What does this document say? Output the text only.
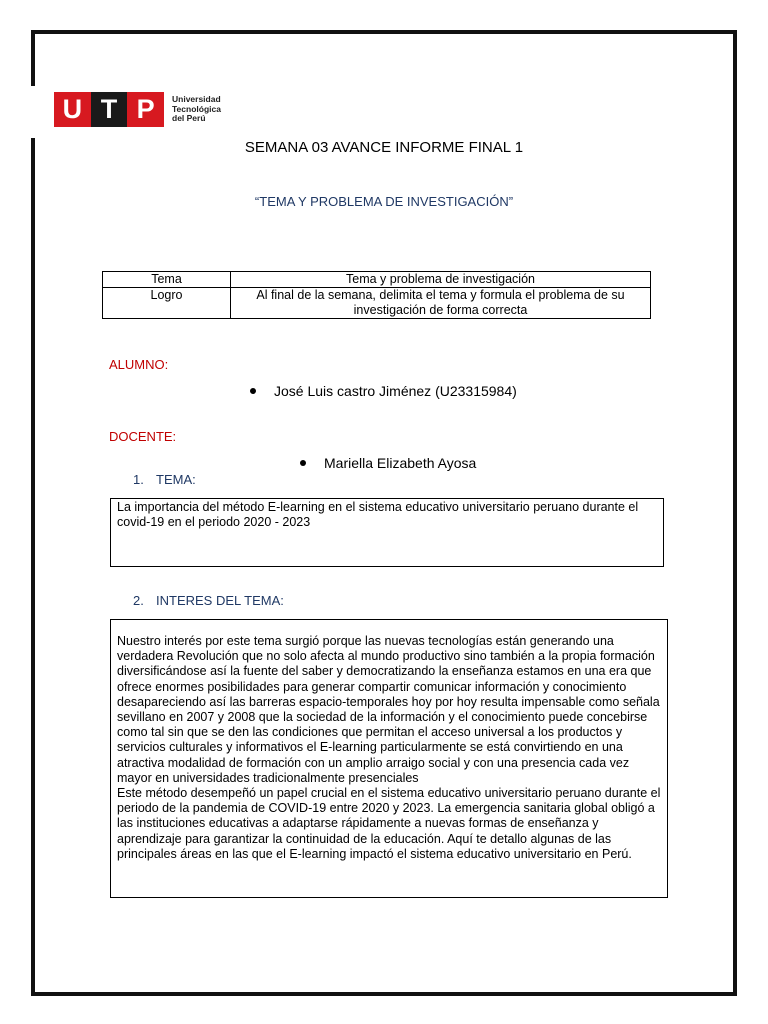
U T P	Universidad
Tecnológica
del Perú
SEMANA 03 AVANCE INFORME FINAL 1
“TEMA Y PROBLEMA DE INVESTIGACIÓN”
Tema	Tema y problema de investigación
Logro	Al final de la semana, delimita el tema y formula el problema de su investigación de forma correcta
ALUMNO:
José Luis castro Jiménez (U23315984)
DOCENTE:
Mariella Elizabeth Ayosa
1. TEMA:
La importancia del método E-learning en el sistema educativo universitario peruano durante el covid-19 en el periodo 2020 - 2023
2. INTERES DEL TEMA:
Nuestro interés por este tema surgió porque las nuevas tecnologías están generando una verdadera Revolución que no solo afecta al mundo productivo sino también a la propia formación diversificándose así la fuente del saber y democratizando la enseñanza estamos en una era que ofrece enormes posibilidades para generar compartir comunicar información y conocimiento desapareciendo así las barreras espacio-temporales hoy por hoy resulta impensable como señala sevillano en 2007 y 2008 que la sociedad de la información y el conocimiento puede concebirse como tal sin que se den las condiciones que permitan el acceso universal a los productos y servicios culturales y informativos el E-learning particularmente se está convirtiendo en una atractiva modalidad de formación con un amplio arraigo social y con una presencia cada vez mayor en universidades tradicionalmente presenciales
Este método desempeñó un papel crucial en el sistema educativo universitario peruano durante el periodo de la pandemia de COVID-19 entre 2020 y 2023. La emergencia sanitaria global obligó a las instituciones educativas a adaptarse rápidamente a nuevas formas de enseñanza y aprendizaje para garantizar la continuidad de la educación. Aquí te detallo algunas de las principales áreas en las que el E-learning impactó el sistema educativo universitario en Perú.
